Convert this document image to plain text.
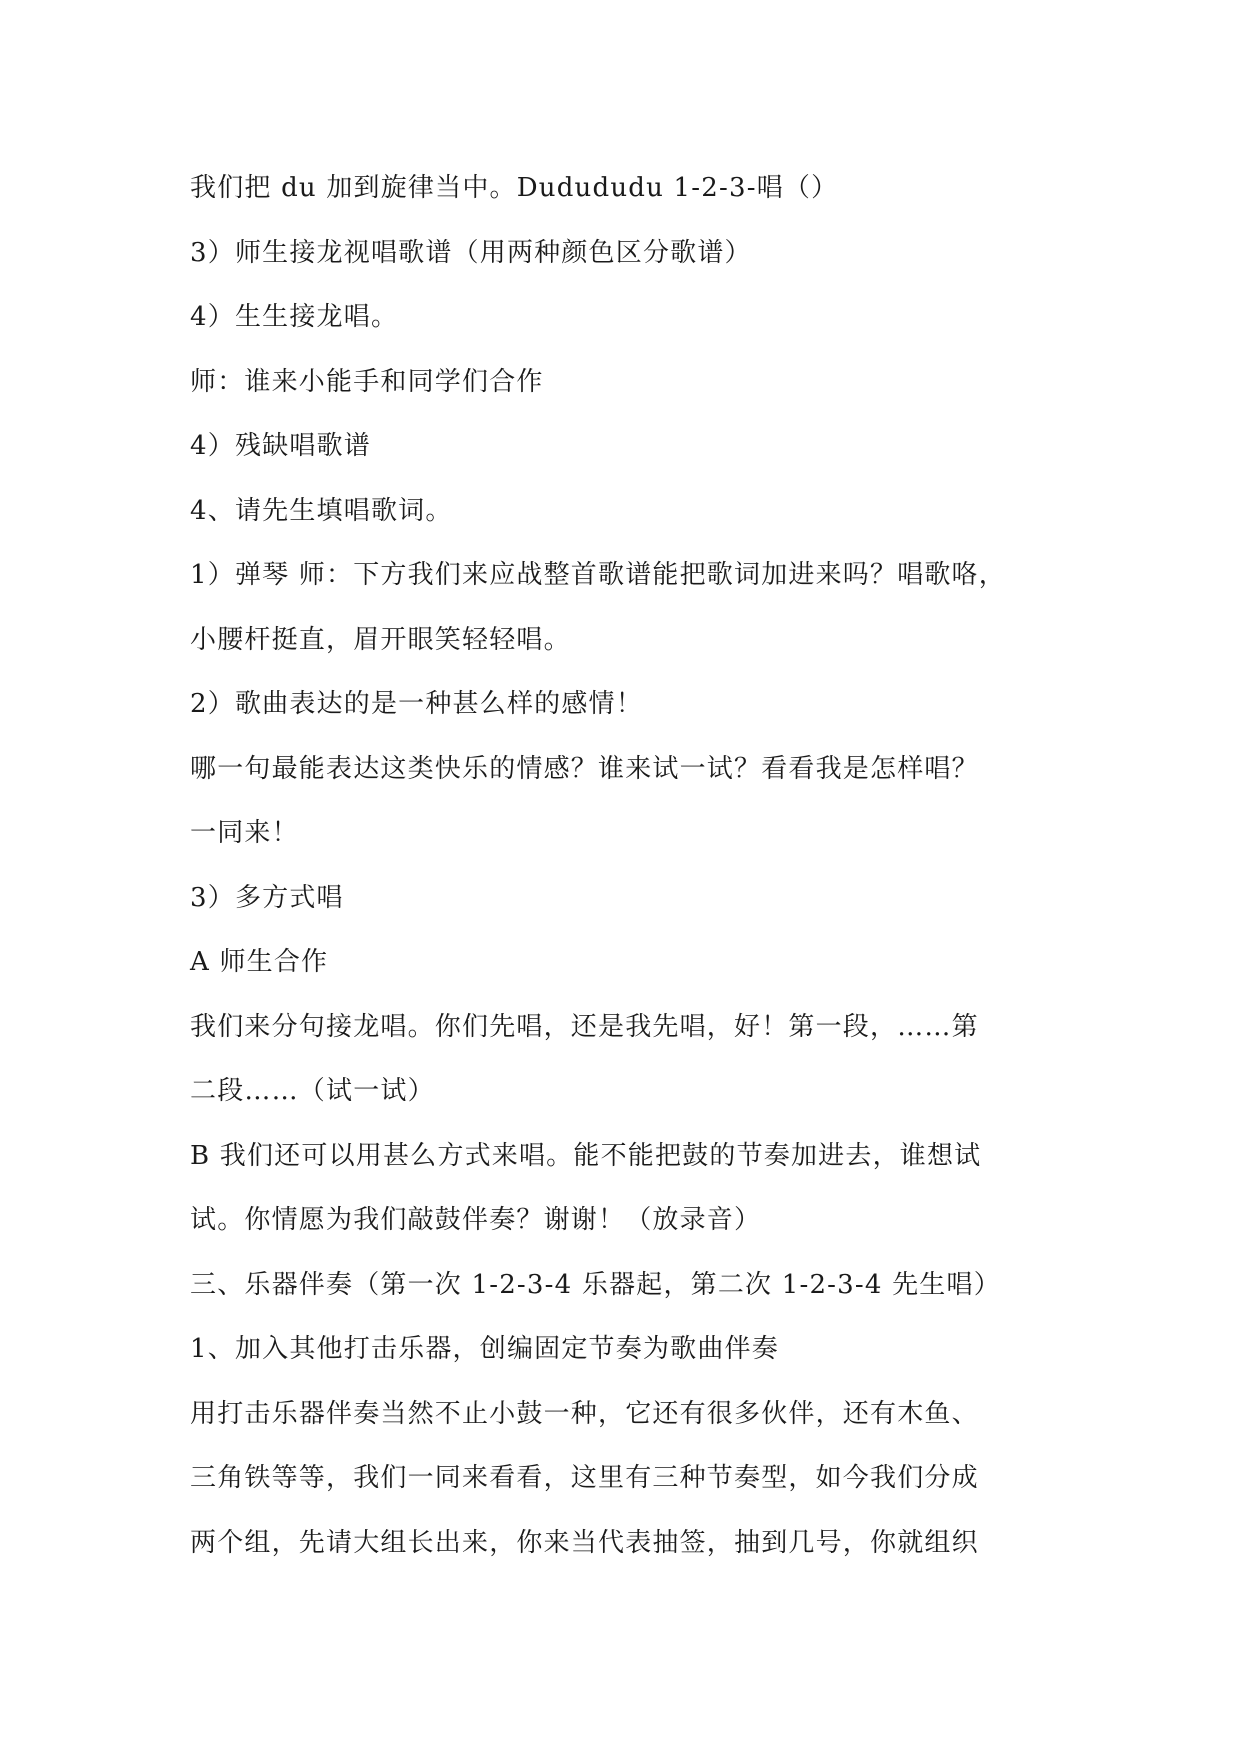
我们把 du 加到旋律当中。Dudududu 1-2-3-唱（）
3）师生接龙视唱歌谱（用两种颜色区分歌谱）
4）生生接龙唱。
师：谁来小能手和同学们合作
4）残缺唱歌谱
4、请先生填唱歌词。
1）弹琴 师：下方我们来应战整首歌谱能把歌词加进来吗？唱歌咯，
小腰杆挺直，眉开眼笑轻轻唱。
2）歌曲表达的是一种甚么样的感情！
哪一句最能表达这类快乐的情感？谁来试一试？看看我是怎样唱？
一同来！
3）多方式唱
A 师生合作
我们来分句接龙唱。你们先唱，还是我先唱，好！第一段，……第
二段……（试一试）
B 我们还可以用甚么方式来唱。能不能把鼓的节奏加进去，谁想试
试。你情愿为我们敲鼓伴奏？谢谢！（放录音）
三、乐器伴奏（第一次 1-2-3-4 乐器起，第二次 1-2-3-4 先生唱）
1、加入其他打击乐器，创编固定节奏为歌曲伴奏
用打击乐器伴奏当然不止小鼓一种，它还有很多伙伴，还有木鱼、
三角铁等等，我们一同来看看，这里有三种节奏型，如今我们分成
两个组，先请大组长出来，你来当代表抽签，抽到几号，你就组织
